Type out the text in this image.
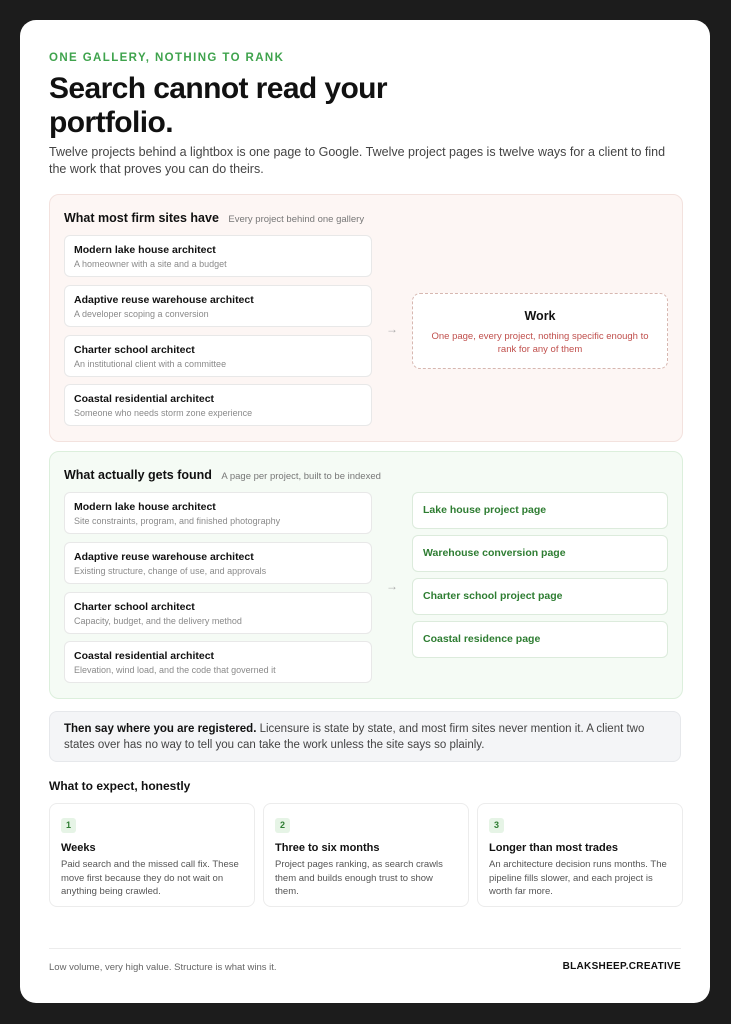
ONE GALLERY, NOTHING TO RANK
Search cannot read your portfolio.
Twelve projects behind a lightbox is one page to Google. Twelve project pages is twelve ways for a client to find the work that proves you can do theirs.
What most firm sites have Every project behind one gallery
Modern lake house architect
A homeowner with a site and a budget
Adaptive reuse warehouse architect
A developer scoping a conversion
Charter school architect
An institutional client with a committee
Coastal residential architect
Someone who needs storm zone experience
→
Work
One page, every project, nothing specific enough to rank for any of them
What actually gets found A page per project, built to be indexed
Modern lake house architect
Site constraints, program, and finished photography
Adaptive reuse warehouse architect
Existing structure, change of use, and approvals
Charter school architect
Capacity, budget, and the delivery method
Coastal residential architect
Elevation, wind load, and the code that governed it
→
Lake house project page
Warehouse conversion page
Charter school project page
Coastal residence page
Then say where you are registered. Licensure is state by state, and most firm sites never mention it. A client two states over has no way to tell you can take the work unless the site says so plainly.
What to expect, honestly
1
Weeks
Paid search and the missed call fix. These move first because they do not wait on anything being crawled.
2
Three to six months
Project pages ranking, as search crawls them and builds enough trust to show them.
3
Longer than most trades
An architecture decision runs months. The pipeline fills slower, and each project is worth far more.
Low volume, very high value. Structure is what wins it.	BLAKSHEEP.CREATIVE
